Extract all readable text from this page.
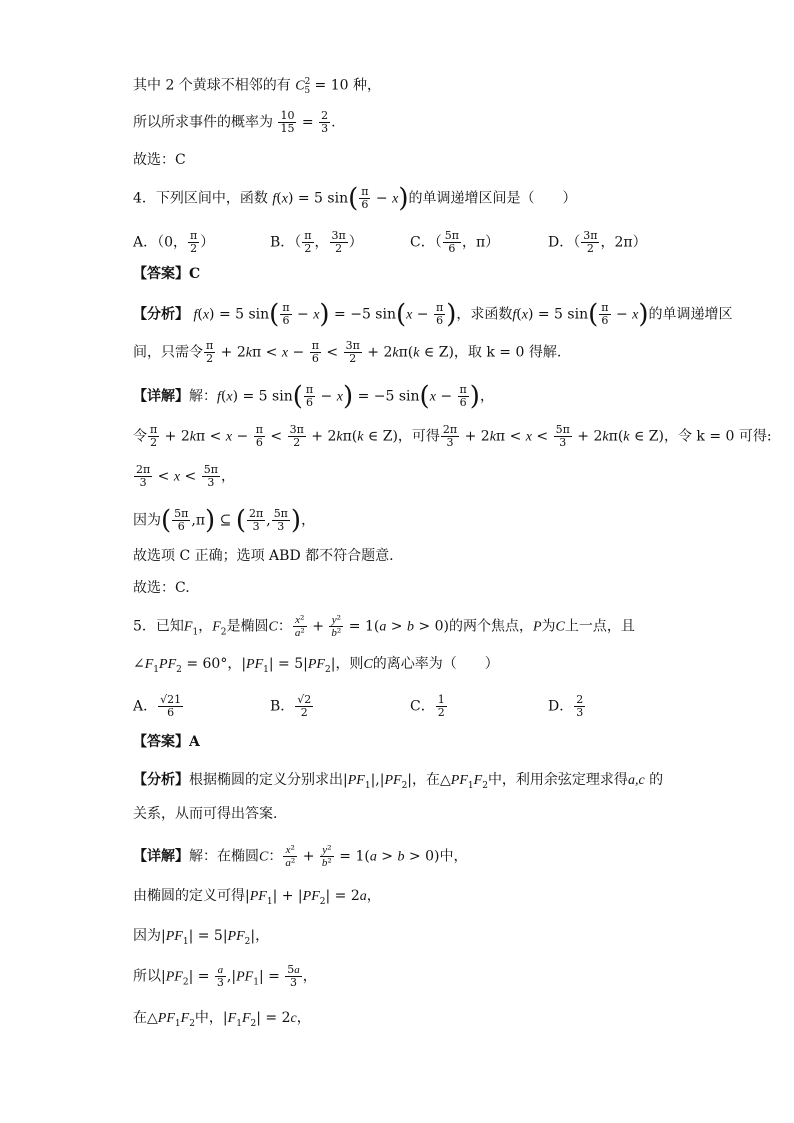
其中 2 个黄球不相邻的有 $C^2_5 = 10$ 种，
所以所求事件的概率为 $\frac{10}{15} = \frac{2}{3}$ .
故选：C
4．下列区间中，函数 f(x) = 5 $\sin( \frac{\pi}{6} - x)$的单调递增区间是（　　）
A．（0， $\frac{\pi}{2}$ ）	B．（ $\frac{\pi}{2}$ ， $\frac{3\pi}{2}$ ）	C．（ $\frac{5\pi}{6}$ ，π）	D．（ $\frac{3\pi}{2}$ ，2π）
【答案】C
【分析】 f(x) = 5 $\sin( \frac{\pi}{6} - x) = -5$ $\sin(x - \frac{\pi}{6}$ )，求函数f(x) = 5 $\sin( \frac{\pi}{6} - x)$的单调递增区
间，只需令 $\frac{\pi}{2} + 2k\pi < x - \frac{\pi}{6} < \frac{3\pi}{2} + 2k\pi(k$ ∈ Z)，取 k = 0 得解.
【详解】解：f(x) = 5 $\sin( \frac{\pi}{6} - x) = -5$ $\sin(x - \frac{\pi}{6}$ )，
令 $\frac{\pi}{2} + 2k\pi < x - \frac{\pi}{6} < \frac{3\pi}{2} + 2k\pi(k$ ∈ Z)，可得 $\frac{2\pi}{3} + 2k\pi < x < \frac{5\pi}{3} + 2k\pi(k$ ∈ Z)，令 k = 0 可得:
$\frac{2\pi}{3} < x < \frac{5\pi}{3}$ ，
因为( $\frac{5\pi}{6} ,\pi$) ⊆ ( $\frac{2\pi}{3}$ , $\frac{5\pi}{3}$ )，
故选项 C 正确；选项 ABD 都不符合题意.
故选：C.
5．已知$F_1$，$F_2$是椭圆C： $\frac{\text{x²}}{\text{a²}} + \frac{\text{y²}}{\text{b²}} = 1(a > b > 0)$的两个焦点，P为C上一点，且
$\angle F_1PF_2 = 60^\circ$，$|PF_1| = 5|PF_2|$，则C的离心率为（　　）
A． $\frac{√21}{6}$	B． $\frac{√2}{2}$	C． $\frac{1}{2}$	D． $\frac{2}{3}$
【答案】A
【分析】根据椭圆的定义分别求出$|PF_1|,|PF_2|$，在$\triangle PF_1F_2$中，利用余弦定理求得a,c 的
关系，从而可得出答案.
【详解】解：在椭圆C： $\frac{\text{x²}}{\text{a²}} + \frac{\text{y²}}{\text{b²}} = 1(a > b > 0)$中，
由椭圆的定义可得$|PF_1| + |PF_2| = 2a$，
因为$|PF_1| = 5|PF_2|$，
所以$|PF_2| = \frac{a}{3} ,|PF_1| = \frac{5a}{3}$ ，
在$\triangle PF_1F_2$中，$|F_1F_2| = 2c$，
